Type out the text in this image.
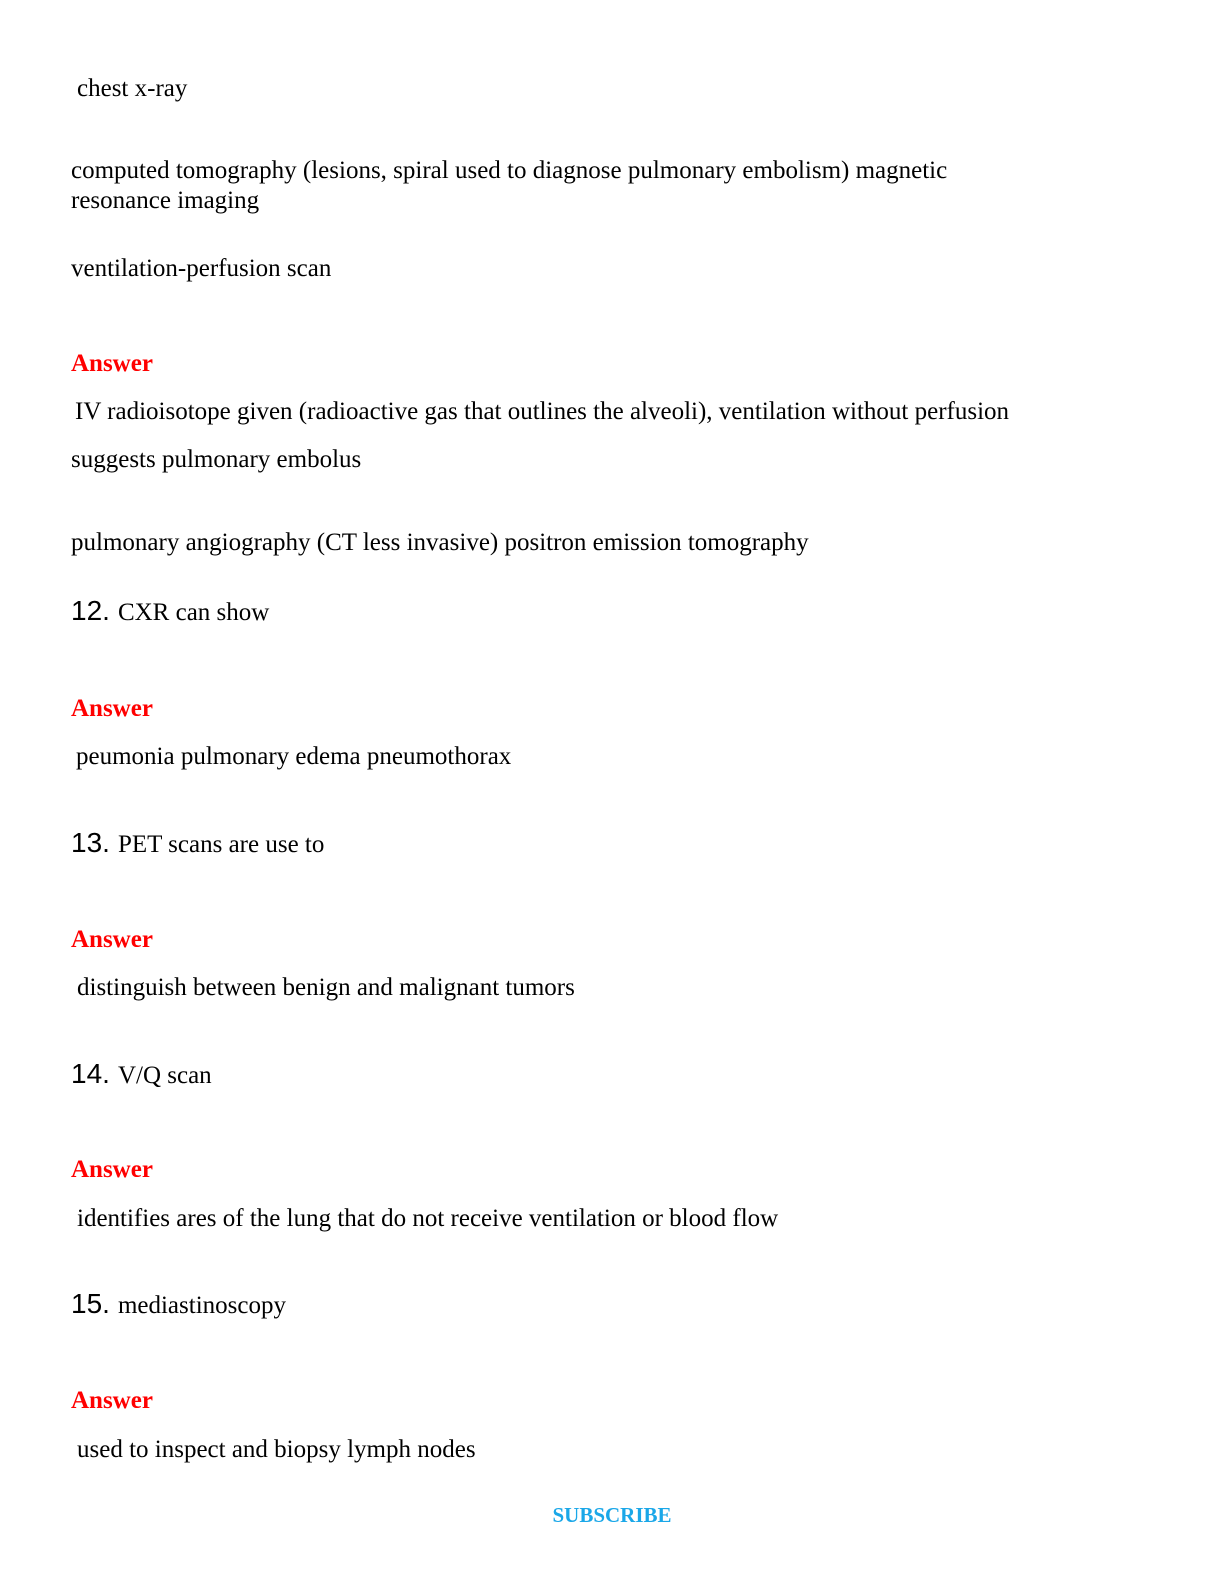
chest x-ray
computed tomography (lesions, spiral used to diagnose pulmonary embolism) magnetic
resonance imaging
ventilation-perfusion scan
Answer
IV radioisotope given (radioactive gas that outlines the alveoli), ventilation without perfusion
suggests pulmonary embolus
pulmonary angiography (CT less invasive) positron emission tomography
12. CXR can show
Answer
peumonia pulmonary edema pneumothorax
13. PET scans are use to
Answer
distinguish between benign and malignant tumors
14. V/Q scan
Answer
identifies ares of the lung that do not receive ventilation or blood flow
15. mediastinoscopy
Answer
used to inspect and biopsy lymph nodes
SUBSCRIBE
